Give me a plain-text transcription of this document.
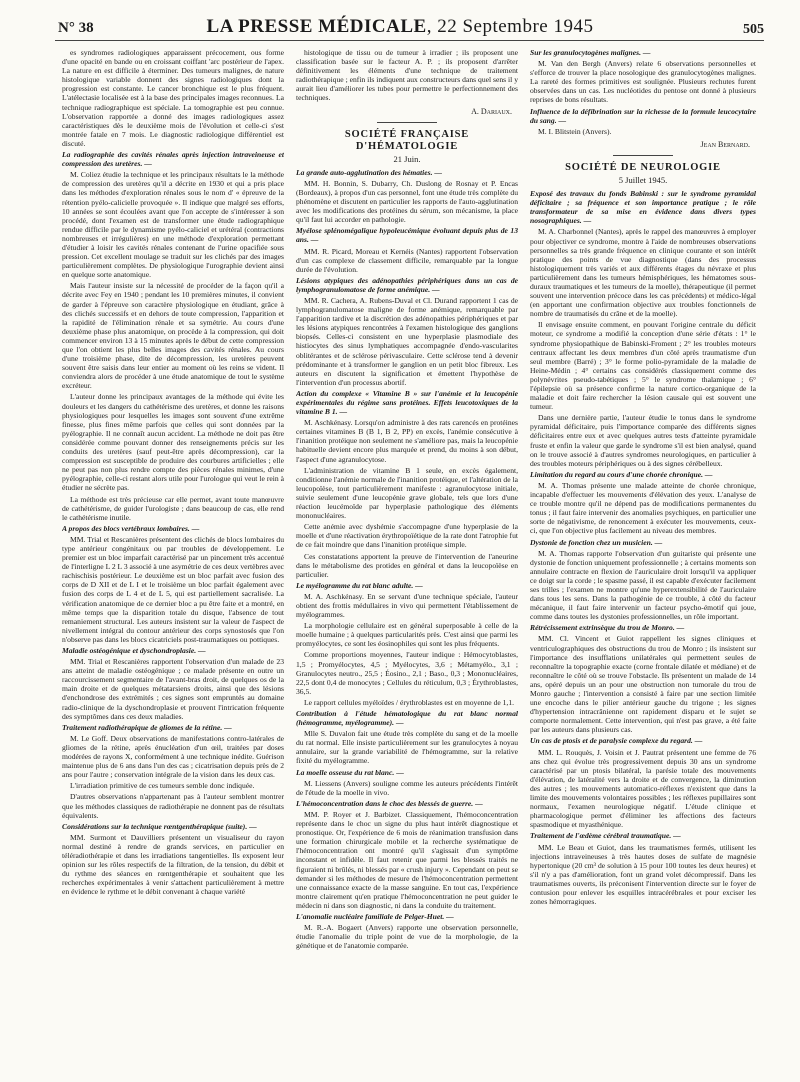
N° 38	LA PRESSE MÉDICALE, 22 Septembre 1945	505

es syndromes radiologiques apparaissent précocement, ous forme d'une opacité en bande ou en croissant coiffant 'arc postérieur de l'apex. La nature en est difficile à éterminer. Des tumeurs malignes, de nature histologique variable donnent des signes radiologiques dont la progression est constante. Le cancer bronchique est le plus fréquent. L'atélectasie localisée est à la base des principales images reconnues. La technique radiographique est spéciale. La tomographie est peu connue. L'observation rapportée a donné des images radiologiques assez caractéristiques dès le deuxième mois de l'évolution et celle-ci s'est montrée fatale en 7 mois. Le diagnostic radiologique différentiel est discuté.

La radiographie des cavités rénales après injection intraveineuse et compression des uretères. —

M. Coliez étudie la technique et les principaux résultats le la méthode de compression des uretères qu'il a décrite en 1930 et qui a pris place dans les méthodes d'exploration rénales sous le nom d' « épreuve de la rétention pyélo-calicielle provoquée ». Il indique que malgré ses efforts, 10 années se sont écoulées avant que l'on accepte de s'intéresser à son procédé, dont l'examen est de transformer une étude radiographique rendue difficile par le dynamisme pyélo-caliciel et urétéral (contractions nombreuses et irrégulières) en une méthode d'exploration permettant d'étudier à loisir les cavités rénales contenant de l'urine opacifiée sous pression. Cet excellent moulage se traduit sur les clichés par des images particulièrement complètes. De physiologique l'urographie devient ainsi en quelque sorte anatomique.

Mais l'auteur insiste sur la nécessité de procéder de la façon qu'il a décrite avec Fey en 1940 ; pendant les 10 premières minutes, il convient de garder à l'épreuve son caractère physiologique en étudiant, grâce à des clichés successifs et en dehors de toute compression, l'apparition et la rapidité de l'élimination rénale et sa symétrie. Au cours d'une deuxième phase plus anatomique, on procède à la compression, qui doit commencer environ 13 à 15 minutes après le début de cette compression que l'on obtient les plus belles images des cavités rénales. Au cours d'une troisième phase, dite de décompression, les uretères peuvent souvent être saisis dans leur entier au moment où les reins se vident. Il conviendra alors de procéder à une étude anatomique de tout le système excréteur.

L'auteur donne les principaux avantages de la méthode qui évite les douleurs et les dangers du cathétérisme des uretères, et donne les raisons physiologiques pour lesquelles les images sont souvent d'une extrême finesse, plus fines même parfois que celles qui sont données par la pyélographie. Il ne connaît aucun accident. La méthode ne doit pas être considérée comme pouvant donner des renseignements précis sur les conduits des uretères (sauf peut-être après décompression), car la compression est susceptible de produire des courbures artificielles ; elle ne peut pas non plus rendre compte des pièces rénales minimes, d'une pyélographie, celle-ci restant alors utile pour l'urologue qui veut le rein à étudier ne sécrète pas.

La méthode est très précieuse car elle permet, avant toute manœuvre de cathétérisme, de guider l'urologiste ; dans beaucoup de cas, elle rend le cathétérisme inutile.

A propos des blocs vertébraux lombaires. —

MM. Trial et Rescanières présentent des clichés de blocs lombaires du type antérieur congénitaux ou par troubles de développement. Le premier est un bloc imparfait caractérisé par un pincement très accentué de l'interligne L 2 L 3 associé à une asymétrie de ces deux vertèbres avec rachischisis postérieur. Le deuxième est un bloc parfait avec fusion des corps de D XII et de L I et le troisième un bloc parfait également avec fusion des corps de L 4 et de L 5, qui est partiellement sacralisée. La vérification anatomique de ce dernier bloc a pu être faite et a montré, en même temps que la disparition totale du disque, l'absence de tout remaniement structural. Les auteurs insistent sur la valeur de l'aspect de nivellement intégral du contour antérieur des corps synostosés que l'on n'observe pas dans les blocs cicatriciels post-traumatiques ou pottiques.

Maladie ostéogénique et dyschondroplasie. —

MM. Trial et Rescanières rapportent l'observation d'un malade de 23 ans atteint de maladie ostéogénique ; ce malade présente en outre un raccourcissement segmentaire de l'avant-bras droit, de quelques os de la main droite et de quelques métatarsiens droits, ainsi que des lésions d'enchondrose des extrémités ; ces signes sont empruntés au domaine radio-clinique de la dyschondroplasie et prouvent l'intrication fréquente des symptômes dans ces deux maladies.

Traitement radiothérapique de gliomes de la rétine. —

M. Le Goff. Deux observations de manifestations contro-latérales de gliomes de la rétine, après énucléation d'un œil, traitées par doses modérées de rayons X, conformément à une technique inédite. Guérison maintenue plus de 6 ans dans l'un des cas ; cicatrisation depuis près de 2 ans pour l'autre ; conservation intégrale de la vision dans les deux cas.

L'irradiation primitive de ces tumeurs semble donc indiquée.

D'autres observations n'appartenant pas à l'auteur semblent montrer que les méthodes classiques de radiothérapie ne donnent pas de résultats équivalents.

Considérations sur la technique rœntgenthérapique (suite). —

MM. Surmont et Dauvilliers présentent un visualiseur du rayon normal destiné à rendre de grands services, en particulier en téléradiothérapie et dans les irradiations tangentielles. Ils exposent leur opinion sur les rôles respectifs de la filtration, de la tension, du débit et du rythme des séances en rœntgenthérapie et souhaitent que les recherches expérimentales à venir s'attachent particulièrement à mettre en évidence le rythme et le débit convenant à chaque variété

histologique de tissu ou de tumeur à irradier ; ils proposent une classification basée sur le facteur A. P. ; ils proposent d'arrêter définitivement les éléments d'une technique de traitement radiothérapique ; enfin ils indiquent aux constructeurs dans quel sens il y aurait lieu d'améliorer les tubes pour permettre le perfectionnement des techniques.

A. Dariaux.

SOCIÉTÉ FRANÇAISE D'HÉMATOLOGIE

21 Juin.

La grande auto-agglutination des hématies. —

MM. H. Bonnin, S. Dubarry, Ch. Duslong de Rosnay et P. Encas (Bordeaux), à propos d'un cas personnel, font une étude très complète du phénomène et discutent en particulier les rapports de l'auto-agglutination avec les modifications des protéines du sérum, son mécanisme, la place qu'il faut lui accorder en pathologie.

Myélose splénomégalique hypoleucémique évoluant depuis plus de 13 ans. —

MM. R. Picard, Moreau et Kernéis (Nantes) rapportent l'observation d'un cas complexe de classement difficile, remarquable par la longue durée de l'évolution.

Lésions atypiques des adénopathies périphériques dans un cas de lymphogranulomatose de forme anémique. —

MM. R. Cachera, A. Rubens-Duval et Cl. Durand rapportent 1 cas de lymphogranulomatose maligne de forme anémique, remarquable par l'apparition tardive et la discrétion des adénopathies périphériques et par les lésions atypiques rencontrées à l'examen histologique des ganglions biopsés. Celles-ci consistent en une hyperplasie plasmodiale des histiocytes des sinus lymphatiques accompagnée d'endo-vascularites oblitérantes et de sclérose périvasculaire. Cette sclérose tend à devenir prédominante et à transformer le ganglion en un petit bloc fibreux. Les auteurs en discutent la signification et émettent l'hypothèse de l'intervention d'un processus abortif.

Action du complexe « Vitamine B » sur l'anémie et la leucopénie expérimentales du régime sans protéines. Effets leucotoxiques de la vitamine B 1. —

M. Aschkénasy. Lorsqu'on administre à des rats carencés en protéines certaines vitamines B (B 1, B 2, PP) en excès, l'anémie consécutive à l'inanition protéique non seulement ne s'améliore pas, mais la leucopénie habituelle devient encore plus marquée et prend, du moins à son début, l'aspect d'une agranulocytose.

L'administration de vitamine B 1 seule, en excès également, conditionne l'anémie normale de l'inanition protéique, et l'altération de la leucopoïèse, tout particulièrement manifeste : agranulocytose initiale, suivie seulement d'une leucopénie grave globale, tels que lors d'une réaction leucémoïde par hyperplasie pathologique des éléments mononucléaires.

Cette anémie avec dyshémie s'accompagne d'une hyperplasie de la moelle et d'une réactivation érythropoïétique de la rate dont l'atrophie fut de ce fait moindre que dans l'inanition protéique simple.

Ces constatations apportent la preuve de l'intervention de l'aneurine dans le métabolisme des protides en général et dans la leucopoïèse en particulier.

Le myélogramme du rat blanc adulte. —

M. A. Aschkénasy. En se servant d'une technique spéciale, l'auteur obtient des frottis médullaires in vivo qui permettent l'établissement de myélogrammes.

La morphologie cellulaire est en général superposable à celle de la moelle humaine ; à quelques particularités près. C'est ainsi que parmi les promyélocytes, ce sont les éosinophiles qui sont les plus fréquents.

Comme proportions moyennes, l'auteur indique : Hémocytoblastes, 1,5 ; Promyélocytes, 4,5 ; Myélocytes, 3,6 ; Métamyélo., 3,1 ; Granulocytes neutro., 25,5 ; Éosino., 2,1 ; Baso., 0,3 ; Mononucléaires, 22,5 dont 0,4 de monocytes ; Cellules du réticulum, 0,3 ; Érythroblastes, 36,5.

Le rapport cellules myéloïdes / érythroblastes est en moyenne de 1,1.

Contribution à l'étude hématologique du rat blanc normal (hémogramme, myélogramme). —

Mlle S. Duvalon fait une étude très complète du sang et de la moelle du rat normal. Elle insiste particulièrement sur les granulocytes à noyau annulaire, sur la grande variabilité de l'hémogramme, sur la relative fixité du myélogramme.

La moelle osseuse du rat blanc. —

M. Liessens (Anvers) souligne comme les auteurs précédents l'intérêt de l'étude de la moelle in vivo.

L'hémoconcentration dans le choc des blessés de guerre. —

MM. P. Royer et J. Barbizet. Classiquement, l'hémoconcentration représente dans le choc un signe du plus haut intérêt diagnostique et pronostique. Or, l'expérience de 6 mois de réanimation transfusion dans une formation chirurgicale mobile et la recherche systématique de l'hémoconcentration ont montré qu'il s'agissait d'un symptôme inconstant et infidèle. Il faut retenir que parmi les blessés traités ne figuraient ni brûlés, ni blessés par « crush injury ». Cependant on peut se demander si les méthodes de mesure de l'hémoconcentration permettent une connaissance exacte de la masse sanguine. En tout cas, l'expérience montre clairement qu'en pratique l'hémoconcentration ne peut guider le médecin ni dans son diagnostic, ni dans la conduite du traitement.

L'anomalie nucléaire familiale de Pelger-Huet. —

M. R.-A. Bogaert (Anvers) rapporte une observation personnelle, étudie l'anomalie du triple point de vue de la morphologie, de la génétique et de l'anatomie comparée.

Sur les granulocytogènes malignes. —

M. Van den Bergh (Anvers) relate 6 observations personnelles et s'efforce de trouver la place nosologique des granulocytogènes malignes. La rareté des formes primitives est soulignée. Plusieurs rechutes furent observées dans un cas. Les nucléotides du pentose ont donné à plusieurs reprises de bons résultats.

Influence de la défibrination sur la richesse de la formule leucocytaire du sang. —

M. I. Blitstein (Anvers).

Jean Bernard.

SOCIÉTÉ DE NEUROLOGIE

5 Juillet 1945.

Exposé des travaux du fonds Babinski : sur le syndrome pyramidal déficitaire ; sa fréquence et son importance pratique ; le rôle transformateur de sa mise en évidence dans divers types nosographiques. —

M. A. Charbonnel (Nantes), après le rappel des manœuvres à employer pour objectiver ce syndrome, montre à l'aide de nombreuses observations personnelles sa très grande fréquence en clinique courante et son intérêt pratique des points de vue diagnostique (dans des processus histologiquement très variés et aux différents étages du névraxe et plus particulièrement dans les tumeurs hémisphériques, les hématomes sous-duraux traumatiques et les tumeurs de la moelle), thérapeutique (il permet souvent une intervention précoce dans les cas précédents) et médico-légal (en apportant une confirmation objective aux troubles fonctionnels de nombre de traumatisés du crâne et de la moelle).

Il envisage ensuite comment, en pouvant l'origine centrale du déficit moteur, ce syndrome a modifié la conception d'une série d'états : 1° le syndrome physiopathique de Babinski-Froment ; 2° les troubles moteurs centraux affectant les deux membres d'un côté après traumatisme d'un seul membre (Barré) ; 3° le forme polio-pyramidale de la maladie de Heine-Médin ; 4° certains cas considérés classiquement comme des polynévrites pseudo-tabétiques ; 5° le syndrome thalamique ; 6° l'épilepsie où sa présence confirme la nature cortico-organique de la maladie et doit faire rechercher la lésion causale qui est souvent une tumeur.

Dans une dernière partie, l'auteur étudie le tonus dans le syndrome pyramidal déficitaire, puis l'importance comparée des différents signes déficitaires entre eux et avec quelques autres tests d'atteinte pyramidale fruste et enfin la valeur que garde le syndrome s'il est bien analysé, quand on le trouve associé à d'autres syndromes neurologiques, en particulier à des troubles moteurs périphériques ou à des signes cérébelleux.

Limitation du regard au cours d'une chorée chronique. —

M. A. Thomas présente une malade atteinte de chorée chronique, incapable d'effectuer les mouvements d'élévation des yeux. L'analyse de ce trouble montre qu'il ne dépend pas de modifications permanentes du tonus ; il faut faire intervenir des anomalies psychiques, en particulier une sorte de négativisme, de renoncement à exécuter les mouvements, ceux-ci, que l'on objective plus facilement au niveau des membres.

Dystonie de fonction chez un musicien. —

M. A. Thomas rapporte l'observation d'un guitariste qui présente une dystonie de fonction uniquement professionnelle ; à certains moments son annulaire contracte en flexion de l'auriculaire droit lorsqu'il va appliquer ce doigt sur la corde ; le spasme passé, il est capable d'exécuter facilement ses trilles ; l'examen ne montre qu'une hyperextensibilité de l'auriculaire dans tous les sens. Dans la pathogénie de ce trouble, à côté du facteur mécanique, il faut faire intervenir un facteur psycho-émotif qui joue, comme dans toutes les dystonies professionnelles, un rôle important.

Rétrécissement extrinsèque du trou de Monro. —

MM. Cl. Vincent et Guiot rappellent les signes cliniques et ventriculographiques des obstructions du trou de Monro ; ils insistent sur l'importance des insufflations unilatérales qui permettent seules de reconnaître la topographie exacte (corne frontale dilatée et médiane) et de reconnaître le côté où se trouve l'obstacle. Ils présentent un malade de 14 ans, opéré depuis un an pour une obstruction non tumorale du trou de Monro gauche ; l'intervention a consisté à faire par une section limitée une encoche dans le pilier antérieur gauche du trigone ; les signes d'hypertension intracrânienne ont rapidement disparu et le sujet se comporte normalement. Cette intervention, qui n'est pas grave, a été faite par les auteurs dans plusieurs cas.

Un cas de ptosis et de paralysie complexe du regard. —

MM. L. Rouquès, J. Voisin et J. Pautrat présentent une femme de 76 ans chez qui évolue très progressivement depuis 30 ans un syndrome caractérisé par un ptosis bilatéral, la parésie totale des mouvements d'élévation, de latéralité vers la droite et de convergence, la diminution des autres ; les mouvements automatico-réflexes n'existent que dans la limite des mouvements volontaires possibles ; les réflexes pupillaires sont normaux, l'examen neurologique négatif. L'étude clinique et pharmacologique permet d'éliminer les affections des facteurs spasmodique et myasthénique.

Traitement de l'œdème cérébral traumatique. —

MM. Le Beau et Guiot, dans les traumatismes fermés, utilisent les injections intraveineuses à très hautes doses de sulfate de magnésie hypertonique (20 cm³ de solution à 15 pour 100 toutes les deux heures) et s'il n'y a pas d'amélioration, font un grand volet décompressif. Dans les traumatismes ouverts, ils préconisent l'intervention directe sur le foyer de contusion pour enlever les esquilles intracérébrales et pour exciser les zones hémorragiques.
